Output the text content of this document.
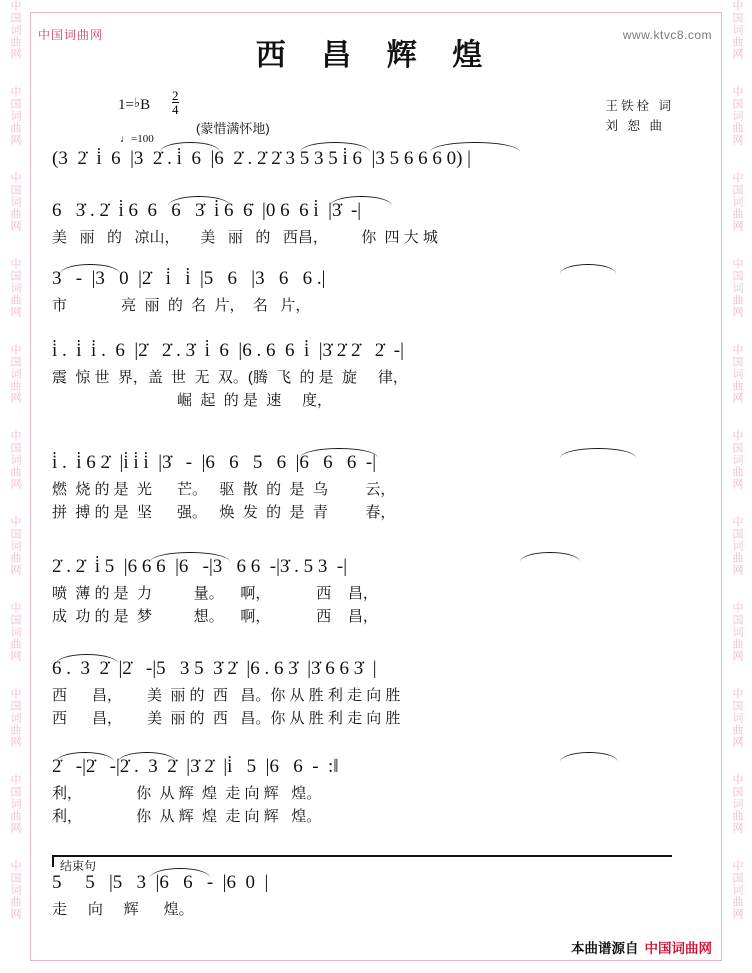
中国词曲网
中国词曲网
中国词曲网
中国词曲网
中国词曲网
中国词曲网
中国词曲网
中国词曲网
中国词曲网
中国词曲网
中国词曲网
中国词曲网
中国词曲网
中国词曲网
中国词曲网
中国词曲网
中国词曲网
中国词曲网
中国词曲网
中国词曲网
中国词曲网
中国词曲网
中国词曲网	www.ktvc8.com
西 昌 辉 煌
1=♭B $\frac{2}{4}$
(蒙惜满怀地)
♩=100
王铁栓 词
刘 恕 曲
(3  2̇  i̇  6  |3  2̇ . i̇  6  |6  2̇ . 2̇ 2̇ 3 5 3 5 i̇ 6  |3 5 6 6 6 0) |
6   3̇ . 2̇  i̇ 6  6   6   3̇  i̇ 6  6̇  |0 6  6 i̇  |3̇  -|
美   丽   的   凉山，     美   丽   的   西昌，        你  四 大 城
3   -  |3   0  |2̇   i̇   i̇  |5   6   |3   6   6 .|
市             亮  丽  的  名  片，  名   片，
i̇ .  i̇  i̇ .  6  |2̇   2̇ . 3̇  i̇  6  |6 . 6  6  i̇  |3̇ 2̇ 2̇   2̇  -|
震  惊 世  界，盖  世  无  双。(腾  飞  的 是  旋     律，
崛  起  的 是  速     度，
i̇ .  i̇ 6 2̇  |i̇ i̇ i̇  |3̇   -  |6   6   5   6  |6   6   6  -|
燃  烧 的 是  光      芒。   驱  散  的  是  乌         云，
拼  搏 的 是  坚      强。   焕  发  的  是  青         春，
2̇ . 2̇  i̇ 5  |6 6 6  |6   -|3   6 6  -|3̇ . 5 3  -|
喷  薄 的 是  力          量。    啊，           西    昌，
成  功 的 是  梦          想。    啊，           西    昌，
6 .  3  2̇  |2̇   -|5   3 5  3̇ 2̇  |6 . 6 3̇  |3̇ 6 6 3̇  |
西      昌，      美  丽 的  西   昌。你 从 胜 利 走 向 胜
西      昌，      美  丽 的  西   昌。你 从 胜 利 走 向 胜
2̇   -|2̇   -|2̇ .  3  2̇  |3̇ 2̇  |i̇   5  |6   6  -  :‖
利，             你  从 辉  煌  走 向 辉   煌。
利，             你  从 辉  煌  走 向 辉   煌。
结束句
5     5   |5   3  |6   6   -  |6  0  |
走     向     辉      煌。
本曲谱源自 中国词曲网
